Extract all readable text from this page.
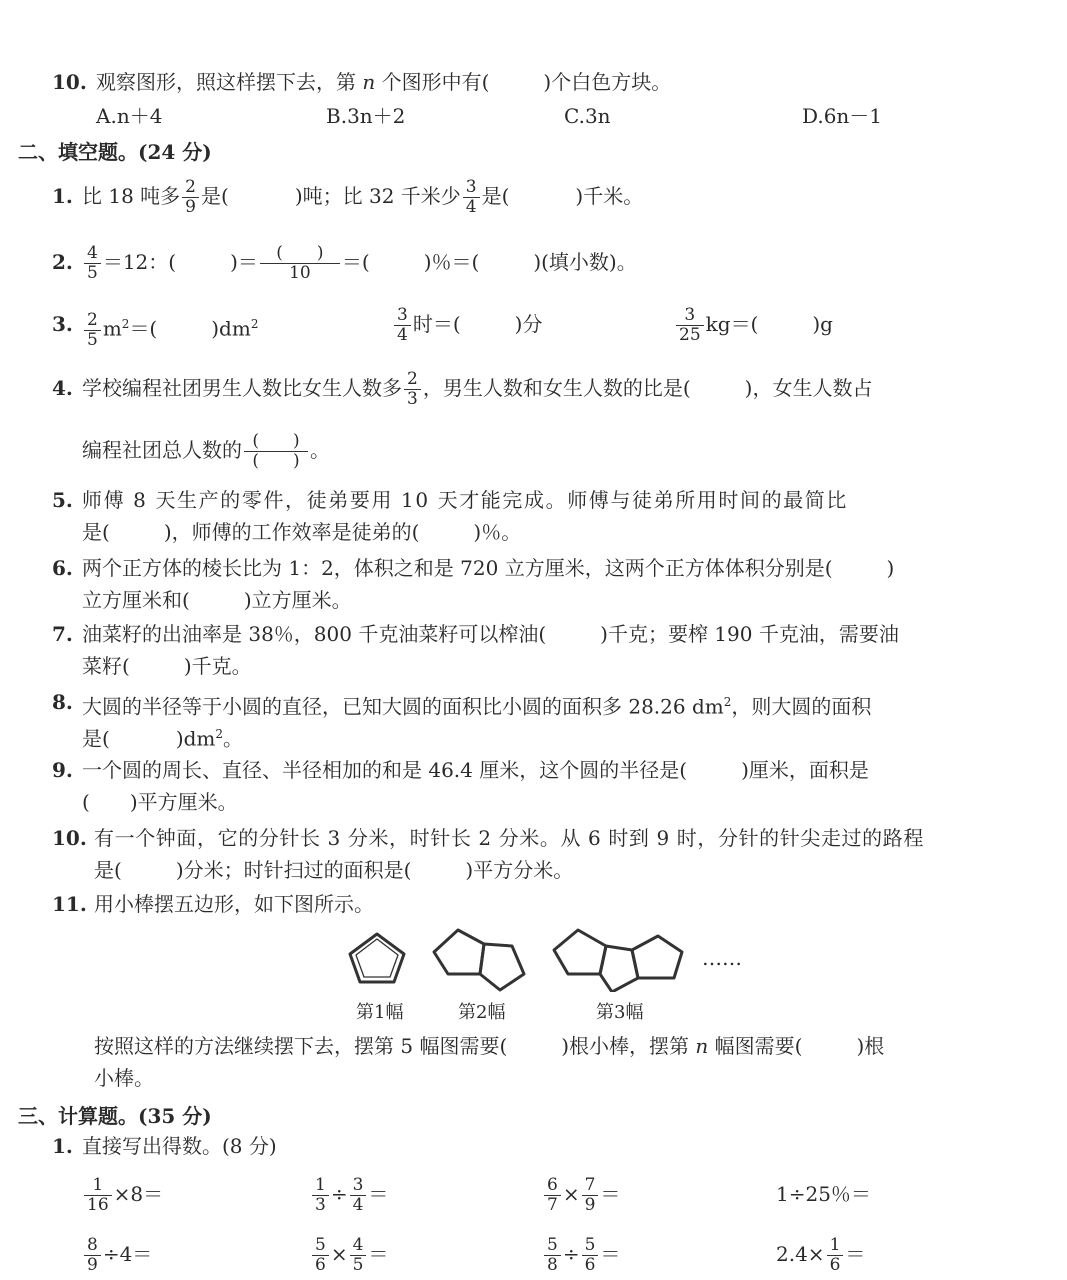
10. 观察图形，照这样摆下去，第 n 个图形中有(	)个白色方块。
A.n＋4	B.3n＋2	C.3n	D.6n－1
二、填空题。(24 分)
1. 比 18 吨多 $\frac{2}{9}$ 是(	)吨；比 32 千米少 $\frac{3}{4}$ 是(	)千米。
2. $\frac{4}{5} =12$：(	)＝ $\frac{( )}{10}$ ＝(	)％＝(	)(填小数)。
3. $\frac{2}{5} m^2=$(	)$dm^2$	$\frac{3}{4}$ 时＝(	)分	$\frac{3}{25} kg=$(	)g
4. 学校编程社团男生人数比女生人数多 $\frac{2}{3}$ ，男生人数和女生人数的比是(	)，女生人数占
编程社团总人数的 $\frac{( )}{( )}$ 。
5. 师傅 8 天生产的零件，徒弟要用 10 天才能完成。师傅与徒弟所用时间的最简比
是(	)，师傅的工作效率是徒弟的(	)％。
6. 两个正方体的棱长比为 1：2，体积之和是 720 立方厘米，这两个正方体体积分别是(	)
立方厘米和(	)立方厘米。
7. 油菜籽的出油率是 38％，800 千克油菜籽可以榨油(	)千克；要榨 190 千克油，需要油
菜籽(	)千克。
8. 大圆的半径等于小圆的直径，已知大圆的面积比小圆的面积多 28.26 $dm^2$，则大圆的面积
是(	)$dm^2$。
9. 一个圆的周长、直径、半径相加的和是 46.4 厘米，这个圆的半径是(	)厘米，面积是
( )平方厘米。
10. 有一个钟面，它的分针长 3 分米，时针长 2 分米。从 6 时到 9 时，分针的针尖走过的路程
是(	)分米；时针扫过的面积是(	)平方分米。
11. 用小棒摆五边形，如下图所示。
……
第1幅	第2幅	第3幅
按照这样的方法继续摆下去，摆第 5 幅图需要(	)根小棒，摆第 n 幅图需要(	)根
小棒。
三、计算题。(35 分)
1. 直接写出得数。(8 分)
$\frac{1}{16} \times 8=$	$\frac{1}{3} \div \frac{3}{4}$ ＝	$\frac{6}{7} \times \frac{7}{9}$ ＝	1÷25％＝
$\frac{8}{9} \div 4=$	$\frac{5}{6} \times \frac{4}{5}$ ＝	$\frac{5}{8} \div \frac{5}{6}$ ＝	$2.4\times \frac{1}{6}$ ＝
